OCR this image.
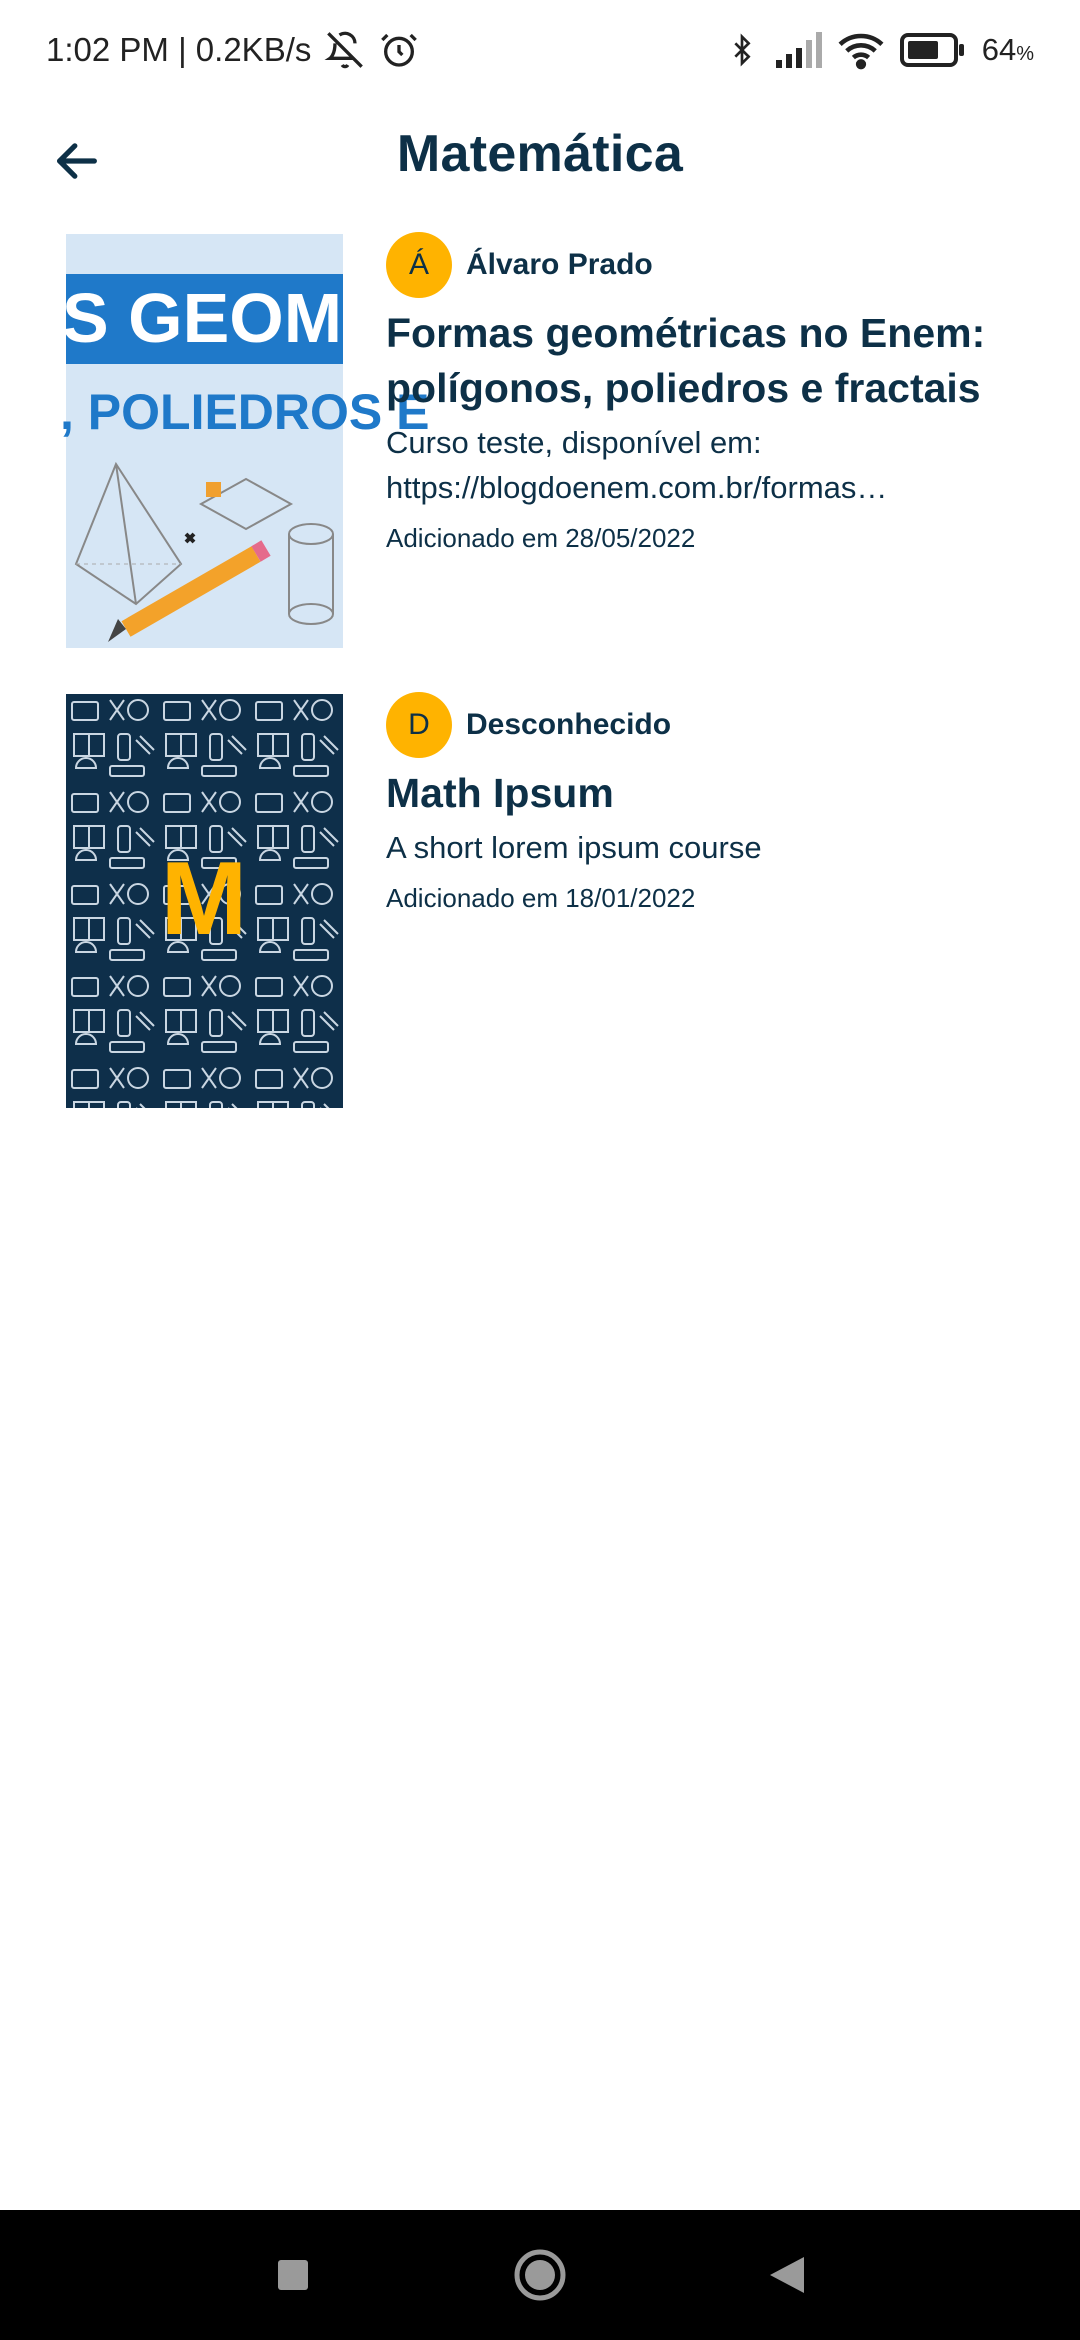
1:02 PM | 0.2KB/s	64%
Matemática
S GEOMÉ
, POLIEDROS E
Á	Álvaro Prado
Formas geométricas no Enem: polígonos, poliedros e fractais
Curso teste, disponível em: https://blogdoenem.com.br/formas…
Adicionado em 28/05/2022
M
D	Desconhecido
Math Ipsum
A short lorem ipsum course
Adicionado em 18/01/2022
